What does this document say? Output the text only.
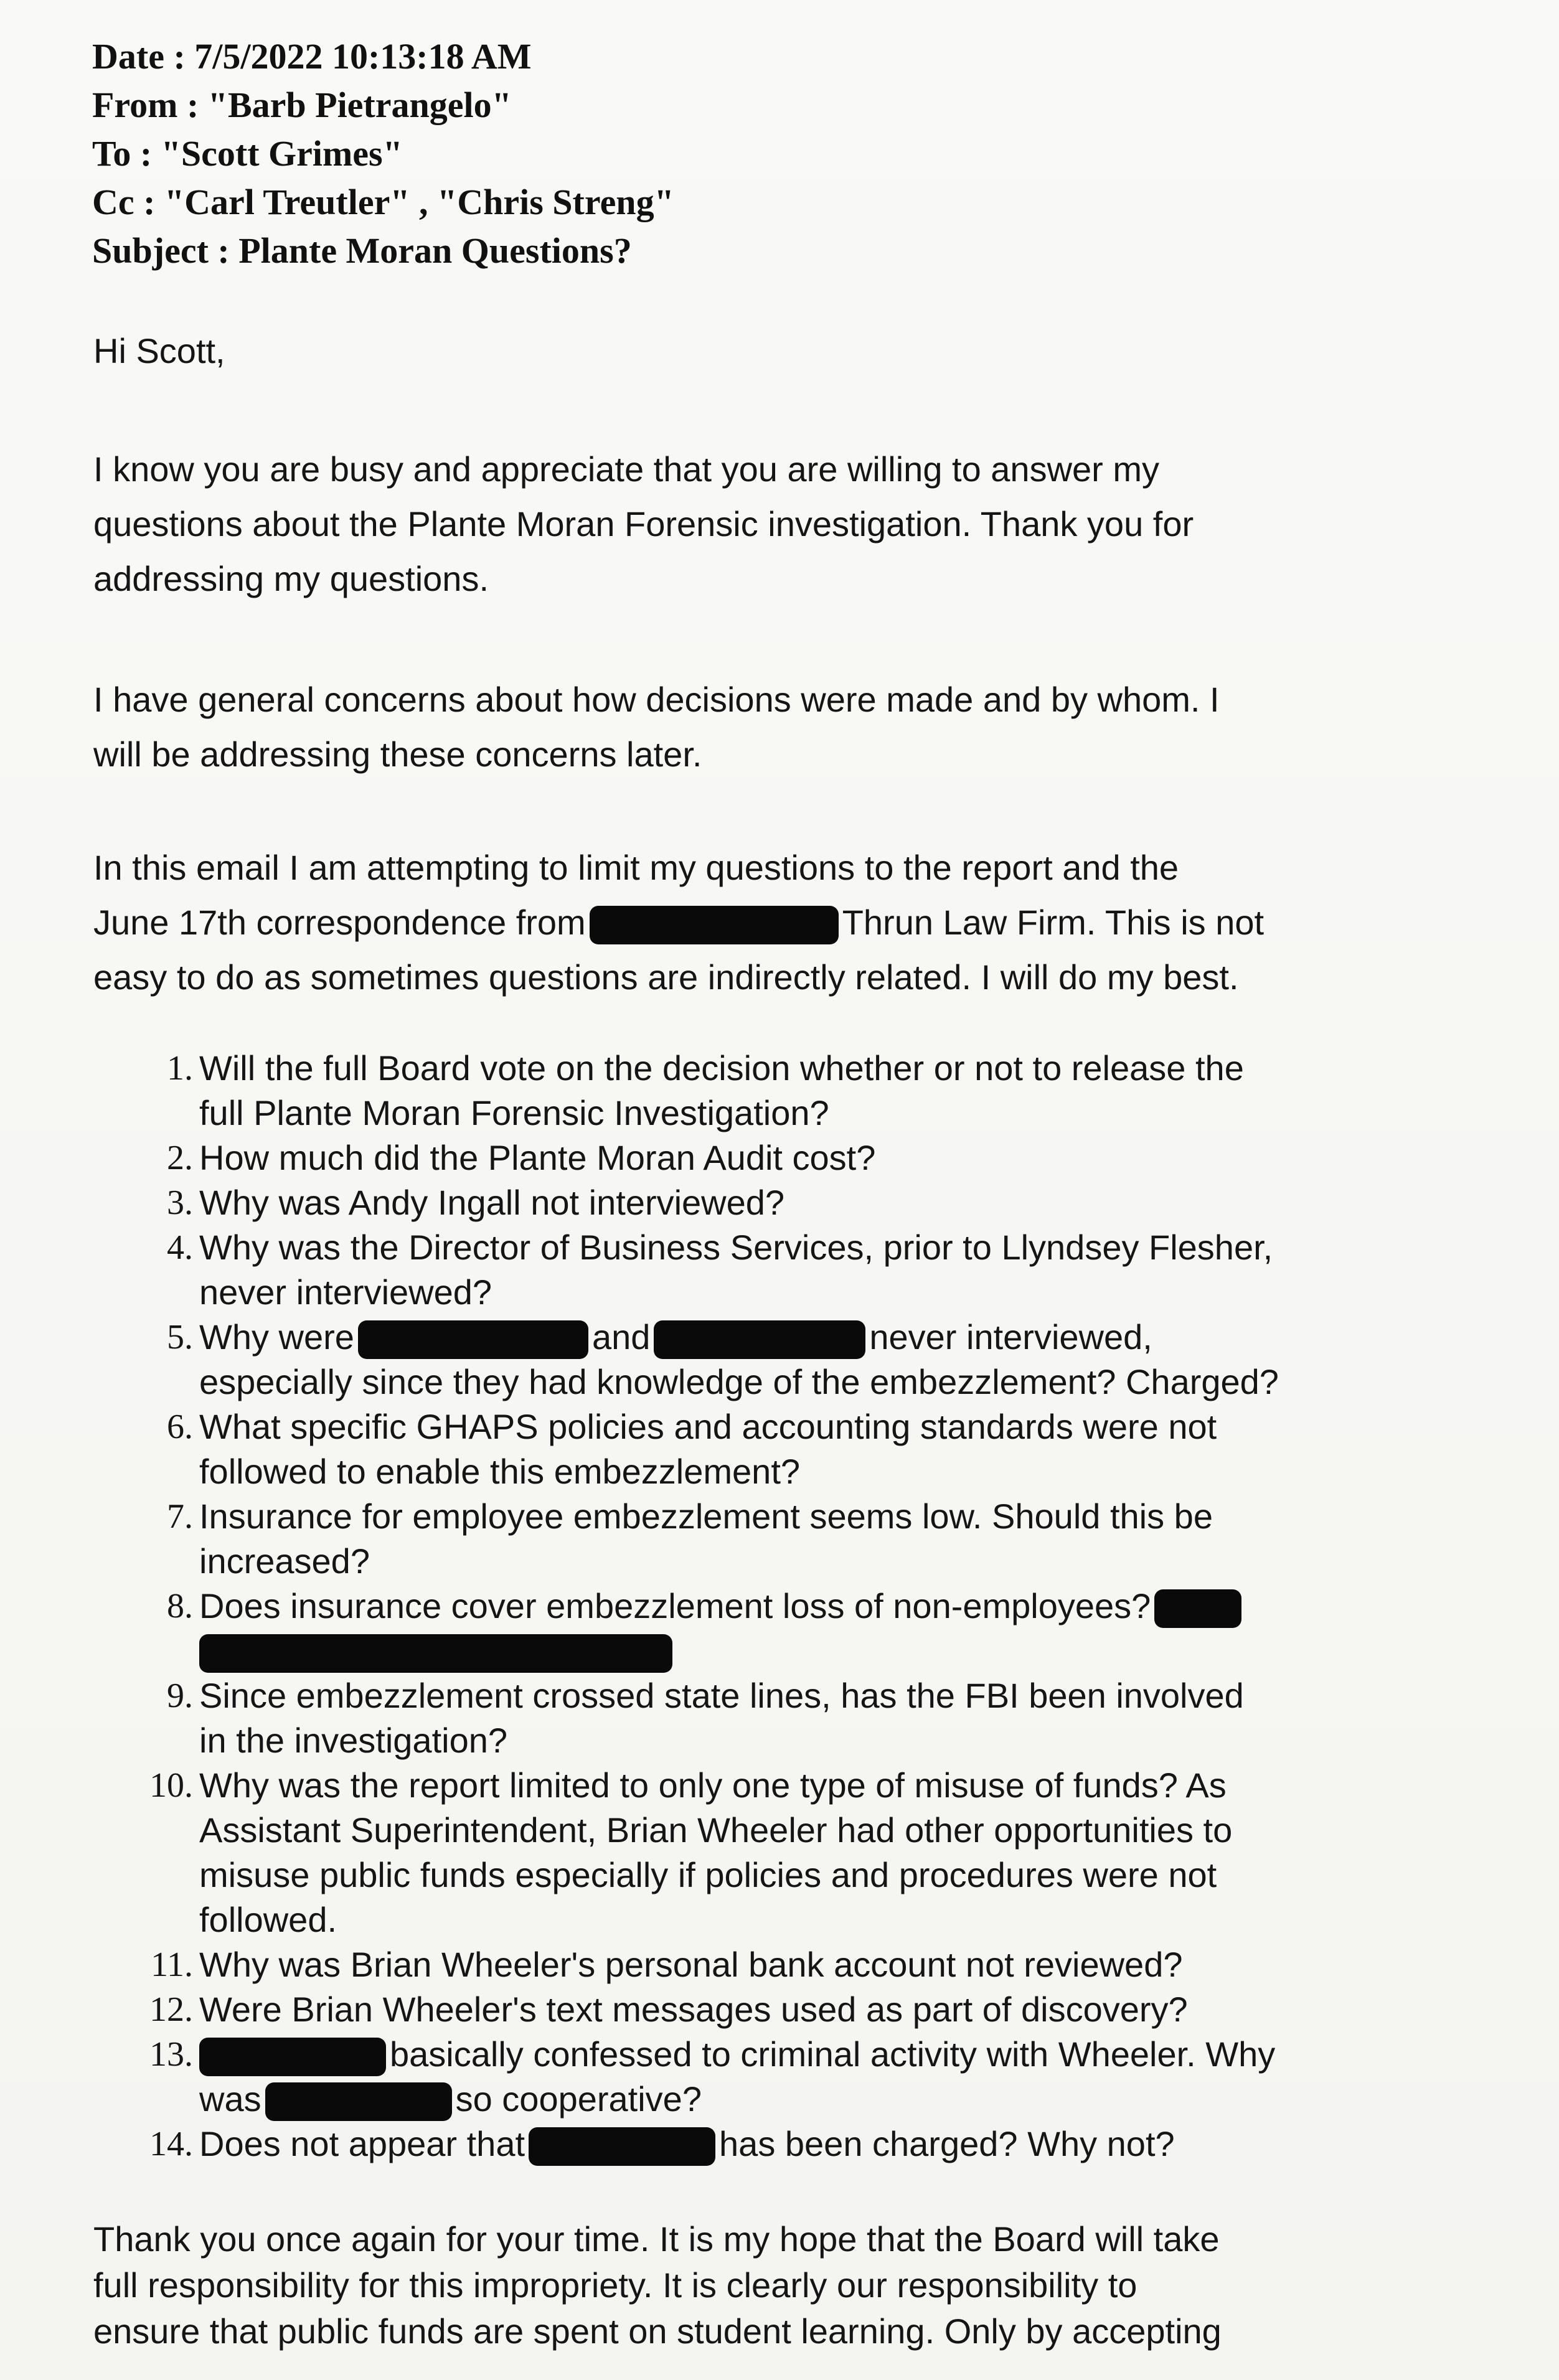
Date : 7/5/2022 10:13:18 AM
From : "Barb Pietrangelo"
To : "Scott Grimes"
Cc : "Carl Treutler" , "Chris Streng"
Subject : Plante Moran Questions?
Hi Scott,
I know you are busy and appreciate that you are willing to answer my
questions about the Plante Moran Forensic investigation. Thank you for
addressing my questions.
I have general concerns about how decisions were made and by whom. I
will be addressing these concerns later.
In this email I am attempting to limit my questions to the report and the
June 17th correspondence from	Thrun Law Firm. This is not
easy to do as sometimes questions are indirectly related. I will do my best.
1. Will the full Board vote on the decision whether or not to release the
full Plante Moran Forensic Investigation?
2. How much did the Plante Moran Audit cost?
3. Why was Andy Ingall not interviewed?
4. Why was the Director of Business Services, prior to Llyndsey Flesher,
never interviewed?
5. Why were	and	never interviewed,
especially since they had knowledge of the embezzlement? Charged?
6. What specific GHAPS policies and accounting standards were not
followed to enable this embezzlement?
7. Insurance for employee embezzlement seems low. Should this be
increased?
8. Does insurance cover embezzlement loss of non-employees?
9. Since embezzlement crossed state lines, has the FBI been involved
in the investigation?
10. Why was the report limited to only one type of misuse of funds? As
Assistant Superintendent, Brian Wheeler had other opportunities to
misuse public funds especially if policies and procedures were not
followed.
11. Why was Brian Wheeler's personal bank account not reviewed?
12. Were Brian Wheeler's text messages used as part of discovery?
13.	basically confessed to criminal activity with Wheeler. Why
was	so cooperative?
14. Does not appear that	has been charged? Why not?
Thank you once again for your time. It is my hope that the Board will take
full responsibility for this impropriety. It is clearly our responsibility to
ensure that public funds are spent on student learning. Only by accepting
